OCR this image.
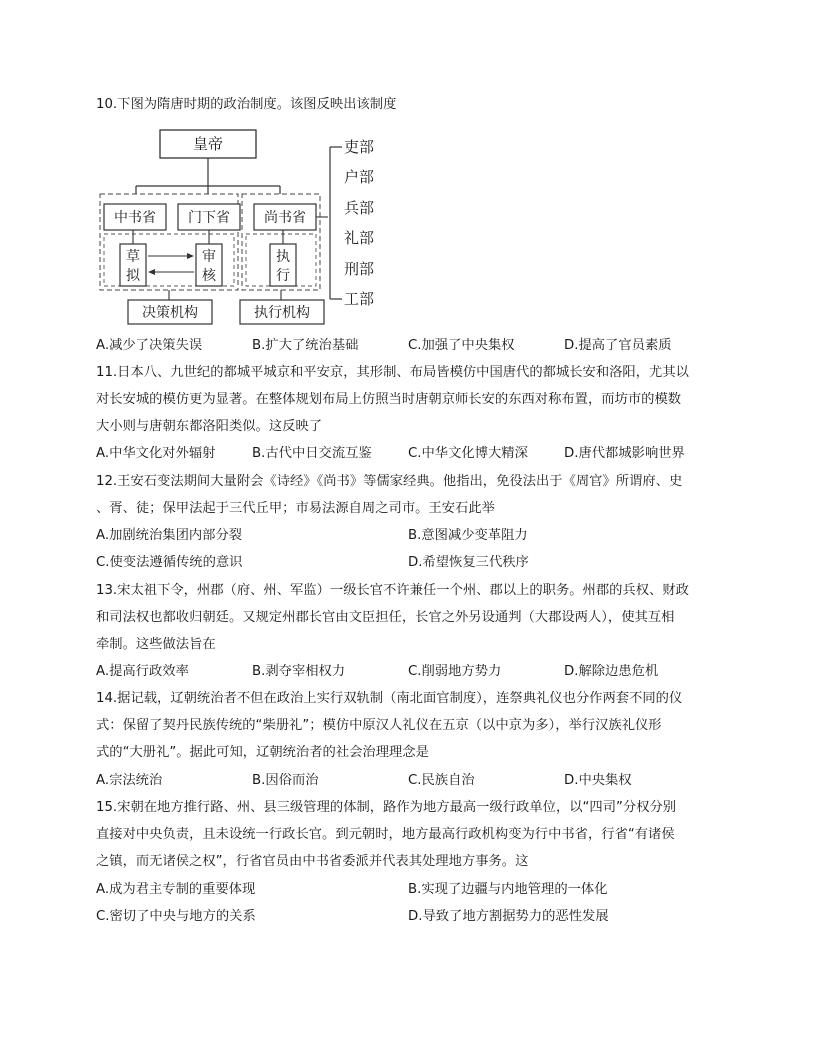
10.下图为隋唐时期的政治制度。该图反映出该制度
皇帝
中书省 门下省 尚书省
草
拟
审
核
执
行
决策机构	执行机构
吏部
户部
兵部
礼部
刑部
工部
A.减少了决策失误	B.扩大了统治基础	C.加强了中央集权	D.提高了官员素质
11.日本八、九世纪的都城平城京和平安京，其形制、布局皆模仿中国唐代的都城长安和洛阳，尤其以
对长安城的模仿更为显著。在整体规划布局上仿照当时唐朝京师长安的东西对称布置，而坊市的模数
大小则与唐朝东都洛阳类似。这反映了
A.中华文化对外辐射	B.古代中日交流互鉴	C.中华文化博大精深	D.唐代都城影响世界
12.王安石变法期间大量附会《诗经》《尚书》等儒家经典。他指出，免役法出于《周官》所谓府、史
、胥、徒；保甲法起于三代丘甲；市易法源自周之司市。王安石此举
A.加剧统治集团内部分裂	B.意图减少变革阻力
C.使变法遵循传统的意识	D.希望恢复三代秩序
13.宋太祖下令，州郡（府、州、军监）一级长官不许兼任一个州、郡以上的职务。州郡的兵权、财政
和司法权也都收归朝廷。又规定州郡长官由文臣担任，长官之外另设通判（大郡设两人），使其互相
牵制。这些做法旨在
A.提高行政效率	B.剥夺宰相权力	C.削弱地方势力	D.解除边患危机
14.据记载，辽朝统治者不但在政治上实行双轨制（南北面官制度），连祭典礼仪也分作两套不同的仪
式：保留了契丹民族传统的“柴册礼”；模仿中原汉人礼仪在五京（以中京为多），举行汉族礼仪形
式的“大册礼”。据此可知，辽朝统治者的社会治理理念是
A.宗法统治	B.因俗而治	C.民族自治	D.中央集权
15.宋朝在地方推行路、州、县三级管理的体制，路作为地方最高一级行政单位，以“四司”分权分别
直接对中央负责，且未设统一行政长官。到元朝时，地方最高行政机构变为行中书省，行省“有诸侯
之镇，而无诸侯之权”，行省官员由中书省委派并代表其处理地方事务。这
A.成为君主专制的重要体现	B.实现了边疆与内地管理的一体化
C.密切了中央与地方的关系	D.导致了地方割据势力的恶性发展
